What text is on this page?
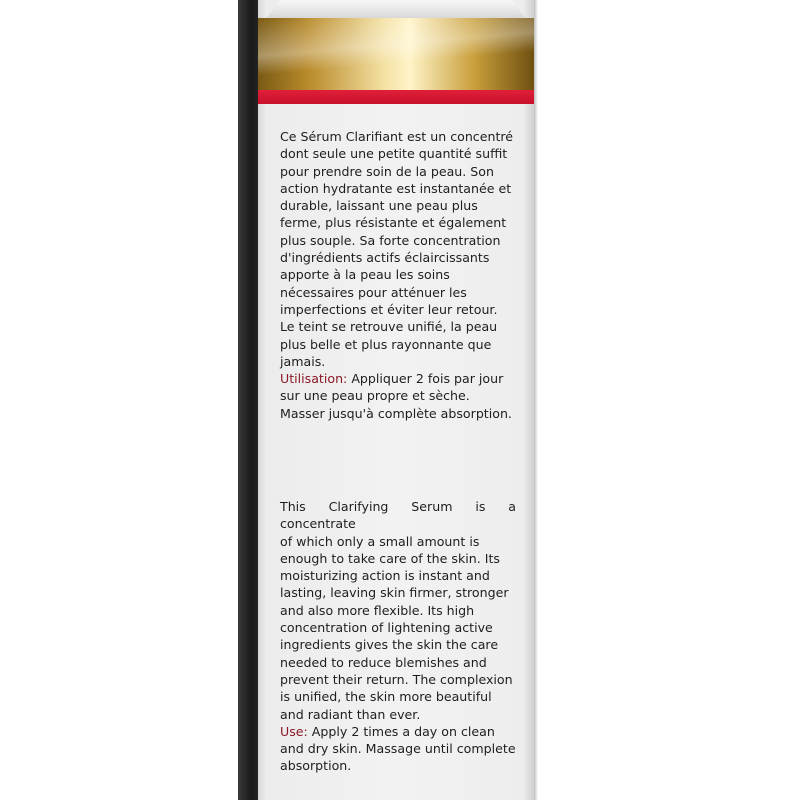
Ce Sérum Clarifiant est un concentré
dont seule une petite quantité suffit
pour prendre soin de la peau. Son
action hydratante est instantanée et
durable, laissant une peau plus
ferme, plus résistante et également
plus souple. Sa forte concentration
d'ingrédients actifs éclaircissants
apporte à la peau les soins
nécessaires pour atténuer les
imperfections et éviter leur retour.
Le teint se retrouve unifié, la peau
plus belle et plus rayonnante que
jamais.
Utilisation: Appliquer 2 fois par jour
sur une peau propre et sèche.
Masser jusqu'à complète absorption.
This Clarifying Serum is a concentrate
of which only a small amount is
enough to take care of the skin. Its
moisturizing action is instant and
lasting, leaving skin firmer, stronger
and also more flexible. Its high
concentration of lightening active
ingredients gives the skin the care
needed to reduce blemishes and
prevent their return. The complexion
is unified, the skin more beautiful
and radiant than ever.
Use: Apply 2 times a day on clean
and dry skin. Massage until complete
absorption.
